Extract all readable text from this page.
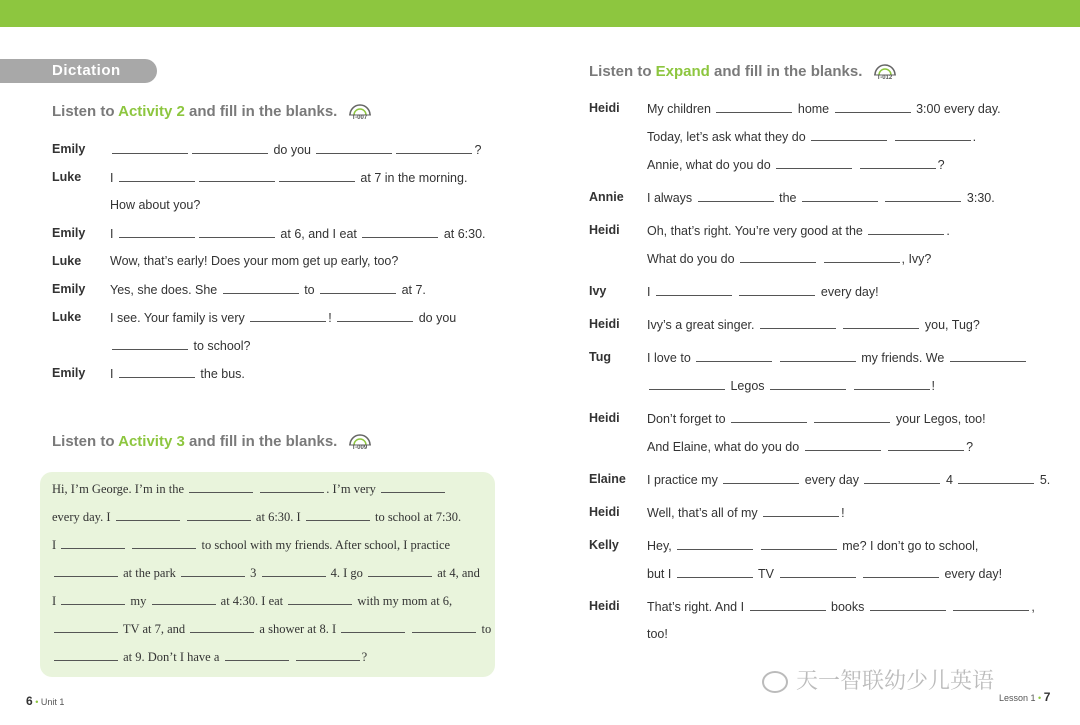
Dictation
Listen to Activity 2 and fill in the blanks.	T-007
Emily	do you	?
Luke I	at 7 in the morning.
How about you?
Emily I	at 6, and I eat	at 6:30.
Luke Wow, that’s early! Does your mom get up early, too?
Emily Yes, she does. She	to	at 7.
Luke I see. Your family is very	!	do you
to school?
Emily I	the bus.
Listen to Activity 3 and fill in the blanks.	T-009
Hi, I’m George. I’m in the	. I’m very
every day. I	at 6:30. I	to school at 7:30.
I	to school with my friends. After school, I practice
at the park	3	4. I go	at 4, and
I	my	at 4:30. I eat	with my mom at 6,
TV at 7, and	a shower at 8. I	to
at 9. Don’t I have a	?
Listen to Expand and fill in the blanks.	T-012
Heidi My children	home	3:00 every day.
Today, let’s ask what they do	.
Annie, what do you do	?
Annie I always	the	3:30.
Heidi Oh, that’s right. You’re very good at the	.
What do you do	, Ivy?
Ivy	I	every day!
Heidi Ivy’s a great singer.	you, Tug?
Tug	I love to	my friends. We
Legos	!
Heidi Don’t forget to	your Legos, too!
And Elaine, what do you do	?
Elaine I practice my	every day	4	5.
Heidi Well, that’s all of my	!
Kelly Hey,	me? I don’t go to school,
but I	TV	every day!
Heidi That’s right. And I	books	,
too!
6 • Unit 1	Lesson 1 • 7
天一智联幼少儿英语
